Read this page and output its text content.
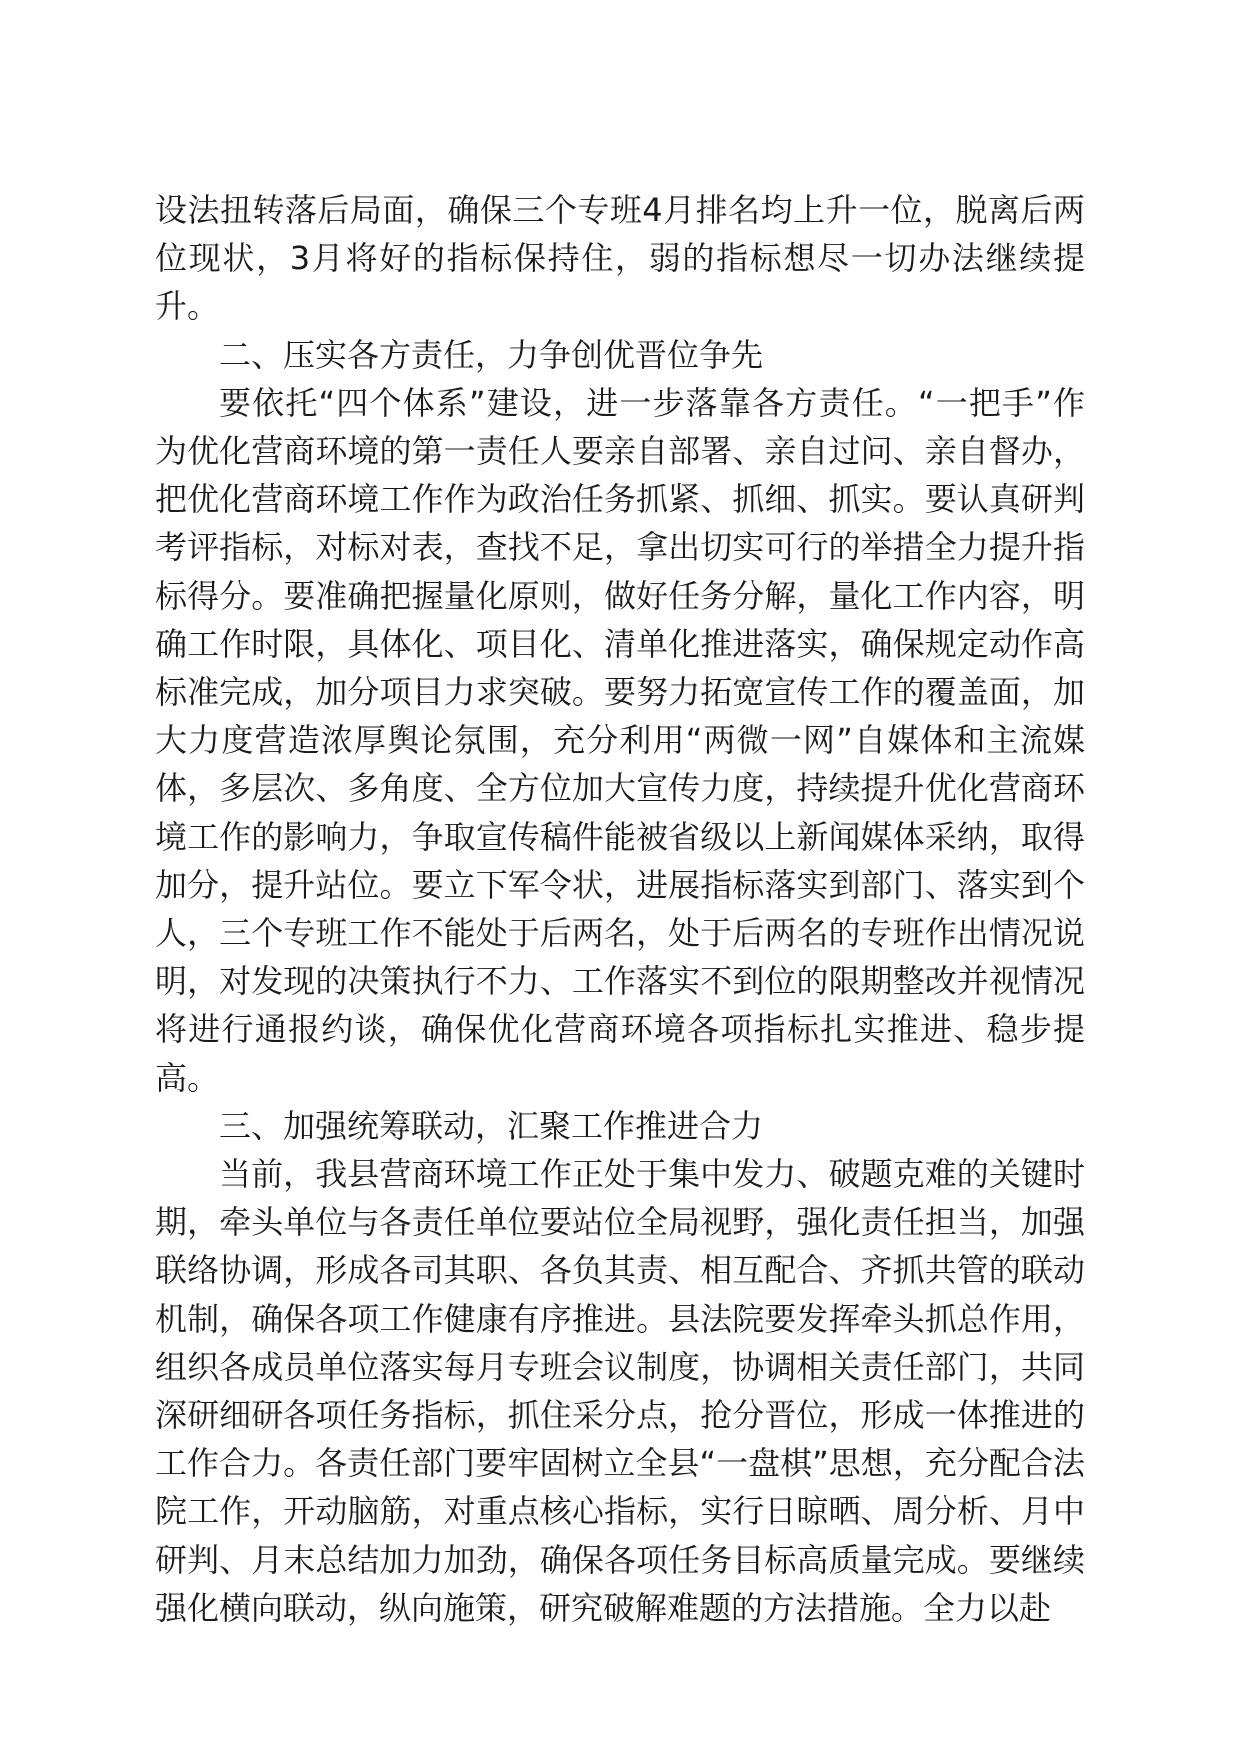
设法扭转落后局面，确保三个专班4月排名均上升一位，脱离后两位现状，3月将好的指标保持住，弱的指标想尽一切办法继续提升。

二、压实各方责任，力争创优晋位争先

要依托“四个体系”建设，进一步落靠各方责任。“一把手”作为优化营商环境的第一责任人要亲自部署、亲自过问、亲自督办，把优化营商环境工作作为政治任务抓紧、抓细、抓实。要认真研判考评指标，对标对表，查找不足，拿出切实可行的举措全力提升指标得分。要准确把握量化原则，做好任务分解，量化工作内容，明确工作时限，具体化、项目化、清单化推进落实，确保规定动作高标准完成，加分项目力求突破。要努力拓宽宣传工作的覆盖面，加大力度营造浓厚舆论氛围，充分利用“两微一网”自媒体和主流媒体，多层次、多角度、全方位加大宣传力度，持续提升优化营商环境工作的影响力，争取宣传稿件能被省级以上新闻媒体采纳，取得加分，提升站位。要立下军令状，进展指标落实到部门、落实到个人，三个专班工作不能处于后两名，处于后两名的专班作出情况说明，对发现的决策执行不力、工作落实不到位的限期整改并视情况将进行通报约谈，确保优化营商环境各项指标扎实推进、稳步提高。

三、加强统筹联动，汇聚工作推进合力

当前，我县营商环境工作正处于集中发力、破题克难的关键时期，牵头单位与各责任单位要站位全局视野，强化责任担当，加强联络协调，形成各司其职、各负其责、相互配合、齐抓共管的联动机制，确保各项工作健康有序推进。县法院要发挥牵头抓总作用，组织各成员单位落实每月专班会议制度，协调相关责任部门，共同深研细研各项任务指标，抓住采分点，抢分晋位，形成一体推进的工作合力。各责任部门要牢固树立全县“一盘棋”思想，充分配合法院工作，开动脑筋，对重点核心指标，实行日晾晒、周分析、月中研判、月末总结加力加劲，确保各项任务目标高质量完成。要继续强化横向联动，纵向施策，研究破解难题的方法措施。全力以赴
